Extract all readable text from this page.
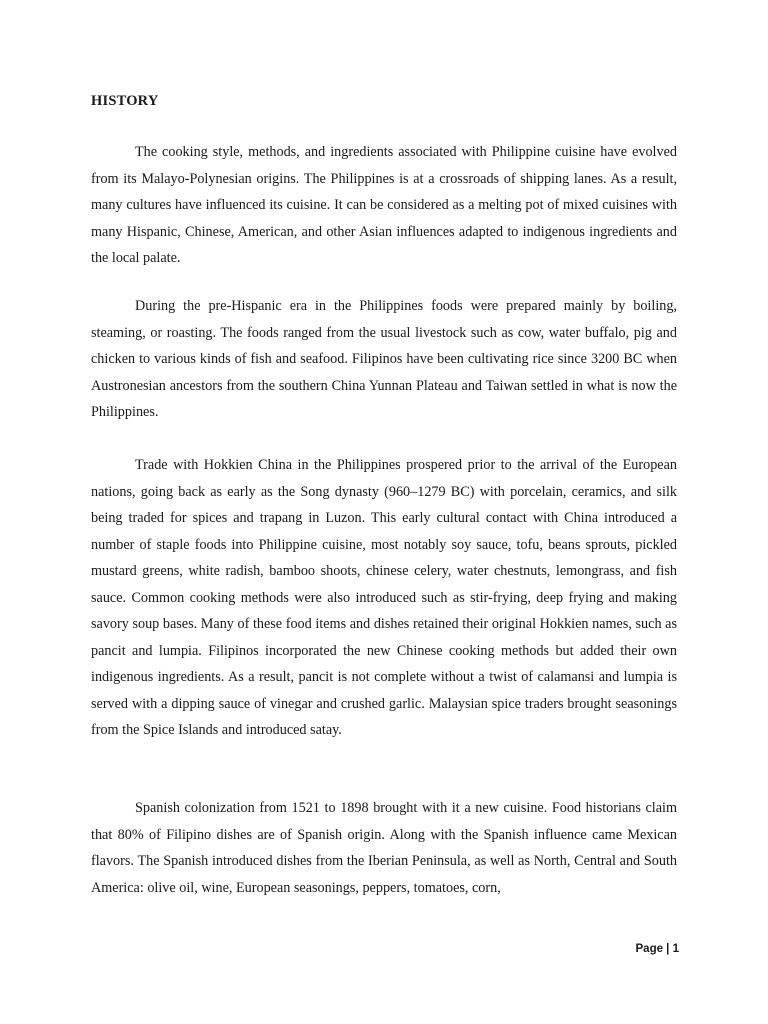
HISTORY

The cooking style, methods, and ingredients associated with Philippine cuisine have evolved from its Malayo-Polynesian origins. The Philippines is at a crossroads of shipping lanes. As a result, many cultures have influenced its cuisine. It can be considered as a melting pot of mixed cuisines with many Hispanic, Chinese, American, and other Asian influences adapted to indigenous ingredients and the local palate.

During the pre-Hispanic era in the Philippines foods were prepared mainly by boiling, steaming, or roasting. The foods ranged from the usual livestock such as cow, water buffalo, pig and chicken to various kinds of fish and seafood. Filipinos have been cultivating rice since 3200 BC when Austronesian ancestors from the southern China Yunnan Plateau and Taiwan settled in what is now the Philippines.

Trade with Hokkien China in the Philippines prospered prior to the arrival of the European nations, going back as early as the Song dynasty (960–1279 BC) with porcelain, ceramics, and silk being traded for spices and trapang in Luzon. This early cultural contact with China introduced a number of staple foods into Philippine cuisine, most notably soy sauce, tofu, beans sprouts, pickled mustard greens, white radish, bamboo shoots, chinese celery, water chestnuts, lemongrass, and fish sauce. Common cooking methods were also introduced such as stir-frying, deep frying and making savory soup bases. Many of these food items and dishes retained their original Hokkien names, such as pancit and lumpia. Filipinos incorporated the new Chinese cooking methods but added their own indigenous ingredients. As a result, pancit is not complete without a twist of calamansi and lumpia is served with a dipping sauce of vinegar and crushed garlic. Malaysian spice traders brought seasonings from the Spice Islands and introduced satay.

Spanish colonization from 1521 to 1898 brought with it a new cuisine. Food historians claim that 80% of Filipino dishes are of Spanish origin. Along with the Spanish influence came Mexican flavors. The Spanish introduced dishes from the Iberian Peninsula, as well as North, Central and South America: olive oil, wine, European seasonings, peppers, tomatoes, corn,

Page | 1
